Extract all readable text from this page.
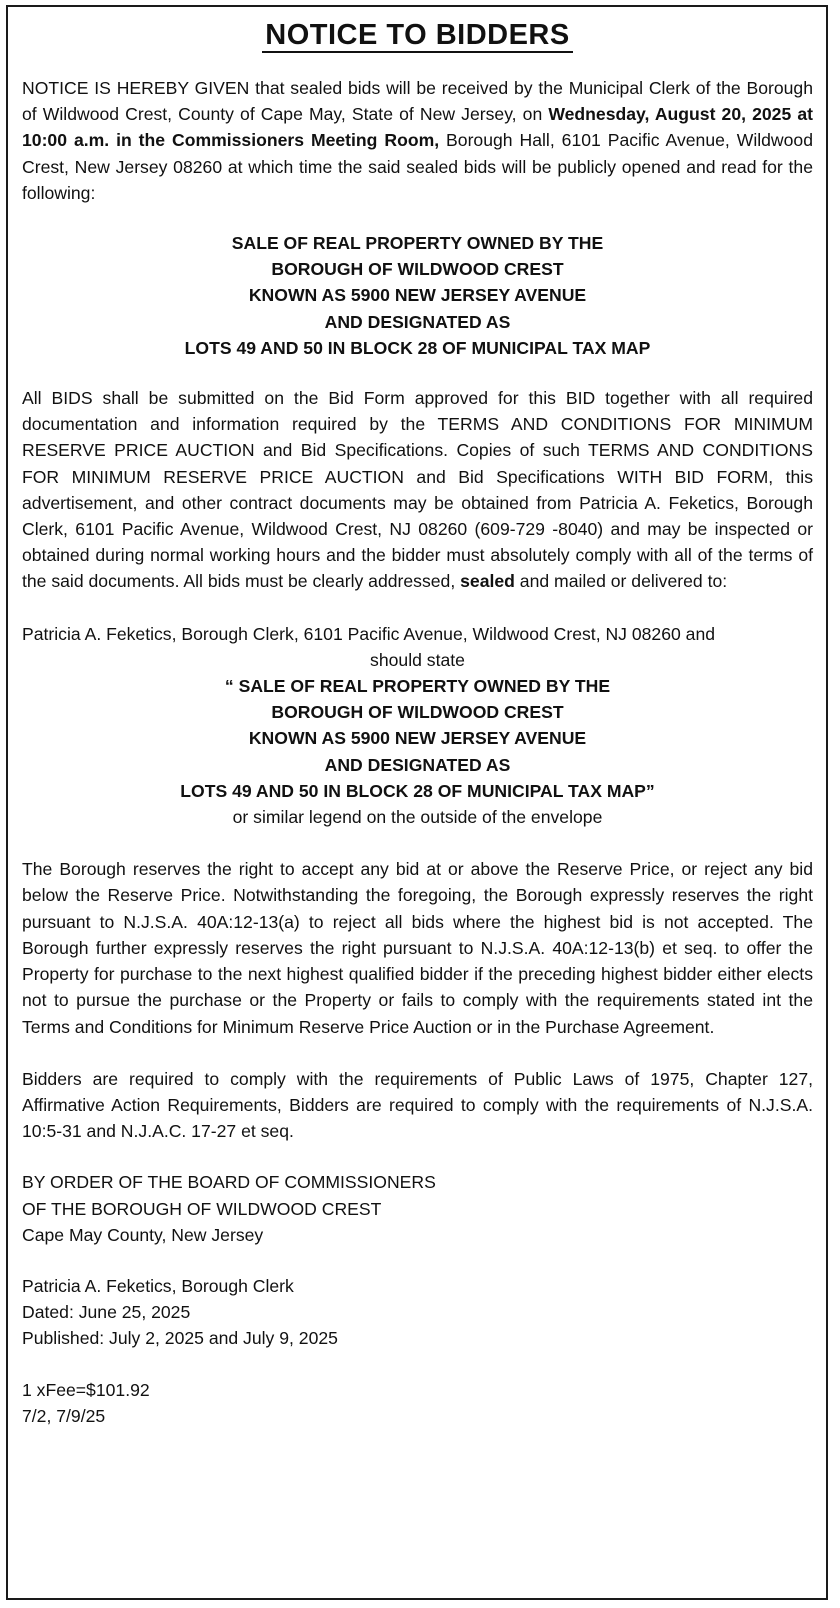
NOTICE TO BIDDERS

NOTICE IS HEREBY GIVEN that sealed bids will be received by the Municipal Clerk of the Borough of Wildwood Crest, County of Cape May, State of New Jersey, on Wednesday, August 20, 2025 at 10:00 a.m. in the Commissioners Meeting Room, Borough Hall, 6101 Pacific Avenue, Wildwood Crest, New Jersey 08260 at which time the said sealed bids will be publicly opened and read for the following:

SALE OF REAL PROPERTY OWNED BY THE
BOROUGH OF WILDWOOD CREST
KNOWN AS 5900 NEW JERSEY AVENUE
AND DESIGNATED AS
LOTS 49 AND 50 IN BLOCK 28 OF MUNICIPAL TAX MAP

All BIDS shall be submitted on the Bid Form approved for this BID together with all required documentation and information required by the TERMS AND CONDITIONS FOR MINIMUM RESERVE PRICE AUCTION and Bid Specifications. Copies of such TERMS AND CONDITIONS FOR MINIMUM RESERVE PRICE AUCTION and Bid Specifications WITH BID FORM, this advertisement, and other contract documents may be obtained from Patricia A. Feketics, Borough Clerk, 6101 Pacific Avenue, Wildwood Crest, NJ 08260 (609-729 -8040) and may be inspected or obtained during normal working hours and the bidder must absolutely comply with all of the terms of the said documents. All bids must be clearly addressed, sealed and mailed or delivered to:

Patricia A. Feketics, Borough Clerk, 6101 Pacific Avenue, Wildwood Crest, NJ 08260 and

should state

“ SALE OF REAL PROPERTY OWNED BY THE

BOROUGH OF WILDWOOD CREST

KNOWN AS 5900 NEW JERSEY AVENUE

AND DESIGNATED AS

LOTS 49 AND 50 IN BLOCK 28 OF MUNICIPAL TAX MAP”

or similar legend on the outside of the envelope

The Borough reserves the right to accept any bid at or above the Reserve Price, or reject any bid below the Reserve Price. Notwithstanding the foregoing, the Borough expressly reserves the right pursuant to N.J.S.A. 40A:12-13(a) to reject all bids where the highest bid is not accepted. The Borough further expressly reserves the right pursuant to N.J.S.A. 40A:12-13(b) et seq. to offer the Property for purchase to the next highest qualified bidder if the preceding highest bidder either elects not to pursue the purchase or the Property or fails to comply with the requirements stated int the Terms and Conditions for Minimum Reserve Price Auction or in the Purchase Agreement.

Bidders are required to comply with the requirements of Public Laws of 1975, Chapter 127, Affirmative Action Requirements, Bidders are required to comply with the requirements of N.J.S.A. 10:5-31 and N.J.A.C. 17-27 et seq.

BY ORDER OF THE BOARD OF COMMISSIONERS
OF THE BOROUGH OF WILDWOOD CREST
Cape May County, New Jersey
Patricia A. Feketics, Borough Clerk
Dated: June 25, 2025
Published: July 2, 2025 and July 9, 2025
1 xFee=$101.92
7/2, 7/9/25
